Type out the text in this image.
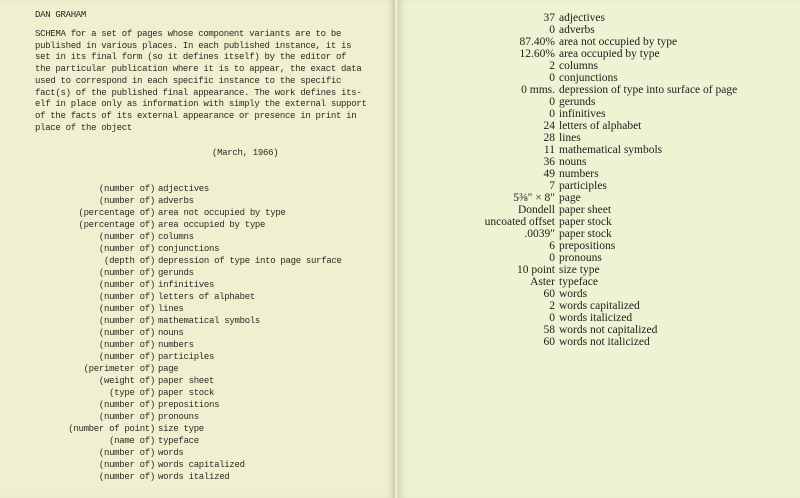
DAN GRAHAM
SCHEMA for a set of pages whose component variants are to be
published in various places. In each published instance, it is
set in its final form (so it defines itself) by the editor of
the particular publication where it is to appear, the exact data
used to correspond in each specific instance to the specific
fact(s) of the published final appearance. The work defines its-
elf in place only as information with simply the external support
of the facts of its external appearance or presence in print in
place of the object
(March, 1966)
(number of) adjectives
(number of) adverbs
(percentage of) area not occupied by type
(percentage of) area occupied by type
(number of) columns
(number of) conjunctions
(depth of) depression of type into page surface
(number of) gerunds
(number of) infinitives
(number of) letters of alphabet
(number of) lines
(number of) mathematical symbols
(number of) nouns
(number of) numbers
(number of) participles
(perimeter of) page
(weight of) paper sheet
(type of) paper stock
(number of) prepositions
(number of) pronouns
(number of point) size type
(name of) typeface
(number of) words
(number of) words capitalized
(number of) words italized
37 adjectives
0 adverbs
87.40% area not occupied by type
12.60% area occupied by type
2 columns
0 conjunctions
0 mms. depression of type into surface of page
0 gerunds
0 infinitives
24 letters of alphabet
28 lines
11 mathematical symbols
36 nouns
49 numbers
7 participles
5⅜" × 8" page
Dondell paper sheet
uncoated offset paper stock
.0039" paper stock
6 prepositions
0 pronouns
10 point size type
Aster typeface
60 words
2 words capitalized
0 words italicized
58 words not capitalized
60 words not italicized
